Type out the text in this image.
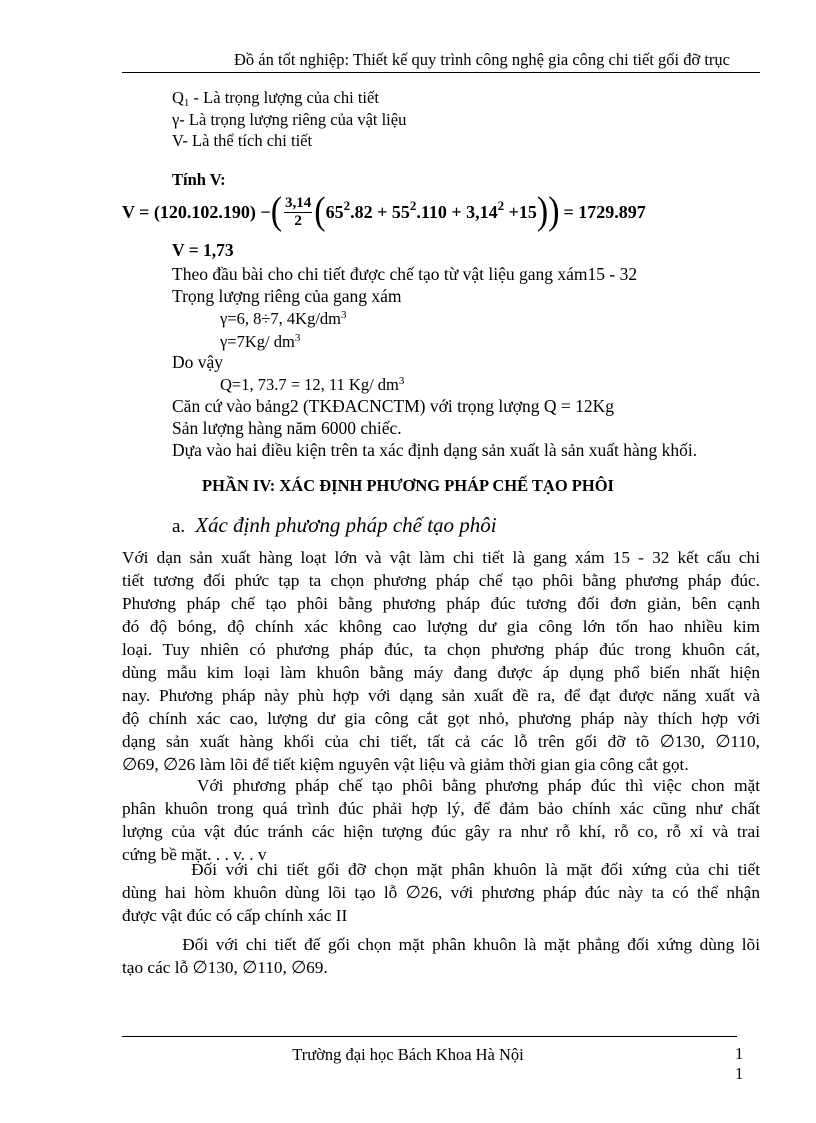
Đồ án tốt nghiệp: Thiết kế quy trình công nghệ gia công chi tiết gối đỡ trục
$Q_1$ - Là trọng lượng của chi tiết
γ- Là trọng lượng riêng của vật liệu
V- Là thể tích chi tiết
Tính V:
V = (120.102.190) − ( $\frac{3,14}{2}$ ( $65^2.82 + 55^2.110 + 3,14^2 +15$ ) ) = 1729.897
V = 1,73
Theo đầu bài cho chi tiết được chế tạo từ vật liệu gang xám15 - 32
Trọng lượng riêng của gang xám
γ=6, 8÷7, $4Kg/dm^3$
γ=7Kg/ $dm^3$
Do vậy
Q=1, 73.7 = 12, 11 Kg/ $dm^3$
Căn cứ vào bảng2 (TKĐACNCTM) với trọng lượng Q = 12Kg
Sản lượng hàng năm 6000 chiếc.
Dựa vào hai điều kiện trên ta xác định dạng sản xuất là sản xuất hàng khối.
PHẦN IV: XÁC ĐỊNH PHƯƠNG PHÁP CHẾ TẠO PHÔI
a. Xác định phương pháp chế tạo phôi
Với dạn sản xuất hàng loạt lớn và vật làm chi tiết là gang xám 15 - 32 kết cấu chi
tiết tương đối phức tạp ta chọn phương pháp chế tạo phôi bằng phương pháp đúc.
Phương pháp chế tạo phôi bằng phương pháp đúc tương đối đơn giản, bên cạnh
đó độ bóng, độ chính xác không cao lượng dư gia công lớn tốn hao nhiều kim
loại. Tuy nhiên có phương pháp đúc, ta chọn phương pháp đúc trong khuôn cát,
dùng mẫu kim loại làm khuôn bằng máy đang được áp dụng phổ biến nhất hiện
nay. Phương pháp này phù hợp với dạng sản xuất đề ra, để đạt được năng xuất và
độ chính xác cao, lượng dư gia công cắt gọt nhỏ, phương pháp này thích hợp với
dạng sản xuất hàng khối của chi tiết, tất cả các lỗ trên gối đỡ tõ ∅130, ∅110,
∅69, ∅26 làm lõi để tiết kiệm nguyên vật liệu và giảm thời gian gia công cắt gọt.
Với phương pháp chế tạo phôi bằng phương pháp đúc thì việc chon mặt
phân khuôn trong quá trình đúc phải hợp lý, để đảm bảo chính xác cũng như chất
lượng của vật đúc tránh các hiện tượng đúc gây ra như rỗ khí, rỗ co, rỗ xỉ và trai
cứng bề mặt. . . v. . v
Đối với chi tiết gối đỡ chọn mặt phân khuôn là mặt đối xứng của chi tiết
dùng hai hòm khuôn dùng lõi tạo lỗ ∅26, với phương pháp đúc này ta có thể nhận
được vật đúc có cấp chính xác II
Đối với chi tiết đế gối chọn mặt phân khuôn là mặt phẳng đối xứng dùng lõi
tạo các lỗ ∅130, ∅110, ∅69.
Trường đại học Bách Khoa Hà Nội	1
1
